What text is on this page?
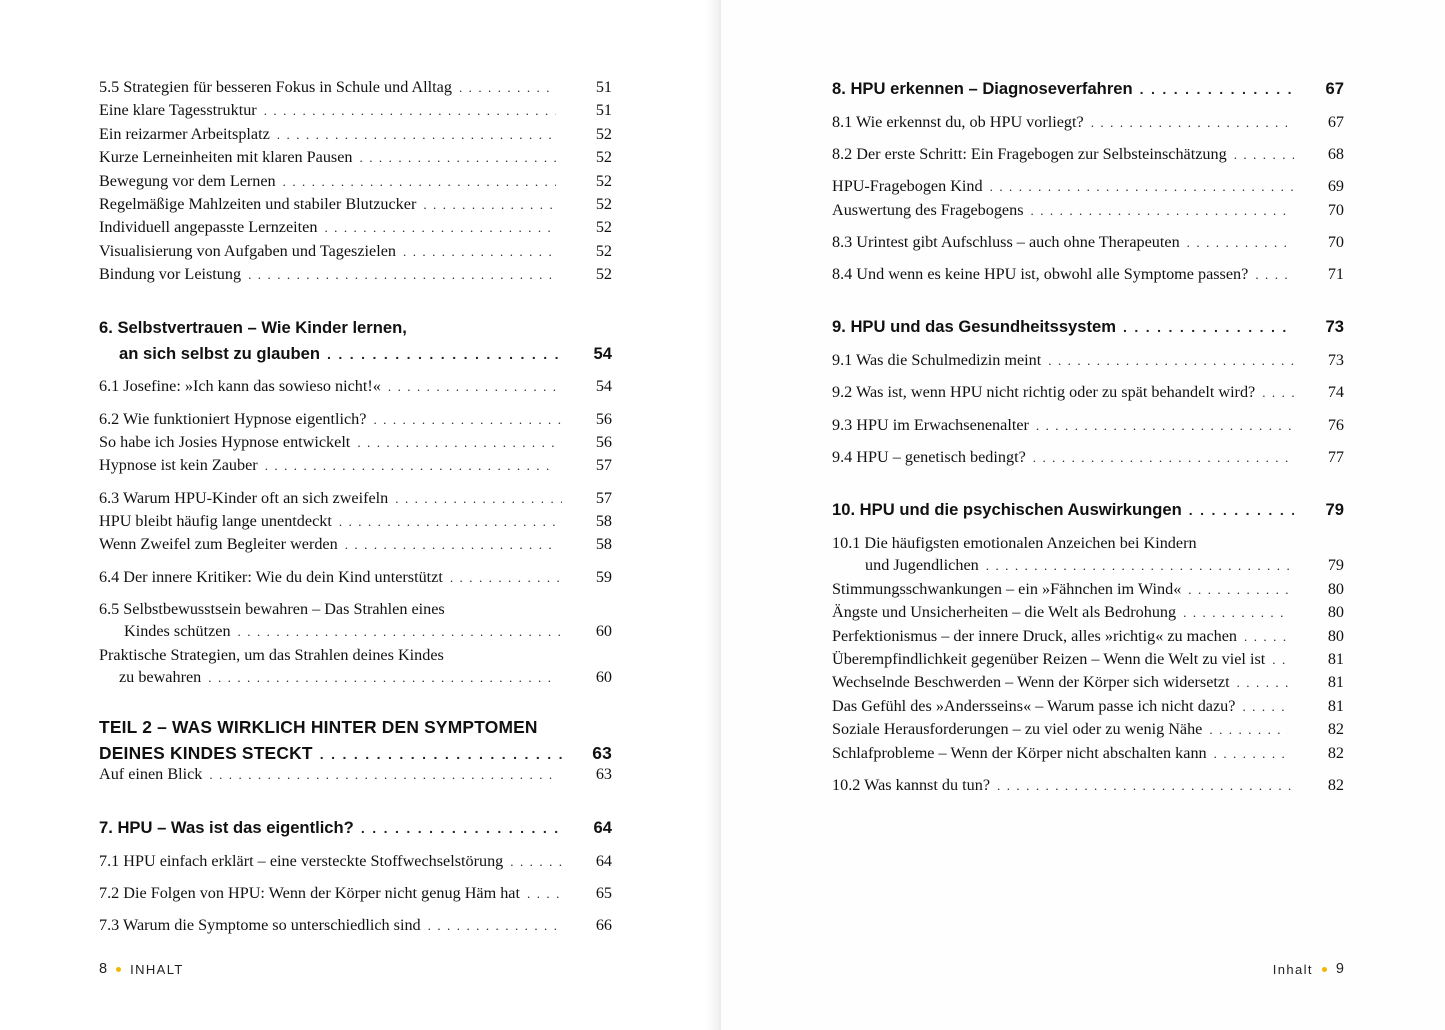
5.5 Strategien für besseren Fokus in Schule und Alltag . . .	51
Eine klare Tagesstruktur . . .	51
Ein reizarmer Arbeitsplatz . . .	52
Kurze Lerneinheiten mit klaren Pausen . . .	52
Bewegung vor dem Lernen . . .	52
Regelmäßige Mahlzeiten und stabiler Blutzucker . . .	52
Individuell angepasste Lernzeiten . . .	52
Visualisierung von Aufgaben und Tageszielen . . .	52
Bindung vor Leistung . . .	52
6. Selbstvertrauen – Wie Kinder lernen,
an sich selbst zu glauben . . .	54
6.1 Josefine: »Ich kann das sowieso nicht!« . . .	54
6.2 Wie funktioniert Hypnose eigentlich? . . .	56
So habe ich Josies Hypnose entwickelt . . .	56
Hypnose ist kein Zauber . . .	57
6.3 Warum HPU-Kinder oft an sich zweifeln . . .	57
HPU bleibt häufig lange unentdeckt . . .	58
Wenn Zweifel zum Begleiter werden . . .	58
6.4 Der innere Kritiker: Wie du dein Kind unterstützt . . .	59
6.5 Selbstbewusstsein bewahren – Das Strahlen eines
Kindes schützen . . .	60
Praktische Strategien, um das Strahlen deines Kindes
zu bewahren . . .	60
TEIL 2 – WAS WIRKLICH HINTER DEN SYMPTOMEN
DEINES KINDES STECKT . . .	63
Auf einen Blick . . .	63
7. HPU – Was ist das eigentlich? . . .	64
7.1 HPU einfach erklärt – eine versteckte Stoffwechselstörung . . .	64
7.2 Die Folgen von HPU: Wenn der Körper nicht genug Häm hat . . .	65
7.3 Warum die Symptome so unterschiedlich sind . . .	66
8 INHALT
8. HPU erkennen – Diagnoseverfahren . . .	67
8.1 Wie erkennst du, ob HPU vorliegt? . . .	67
8.2 Der erste Schritt: Ein Fragebogen zur Selbsteinschätzung . . .	68
HPU-Fragebogen Kind . . .	69
Auswertung des Fragebogens . . .	70
8.3 Urintest gibt Aufschluss – auch ohne Therapeuten . . .	70
8.4 Und wenn es keine HPU ist, obwohl alle Symptome passen? . . .	71
9. HPU und das Gesundheitssystem . . .	73
9.1 Was die Schulmedizin meint . . .	73
9.2 Was ist, wenn HPU nicht richtig oder zu spät behandelt wird? . . .	74
9.3 HPU im Erwachsenenalter . . .	76
9.4 HPU – genetisch bedingt? . . .	77
10. HPU und die psychischen Auswirkungen . . .	79
10.1 Die häufigsten emotionalen Anzeichen bei Kindern
und Jugendlichen . . .	79
Stimmungsschwankungen – ein »Fähnchen im Wind« . . .	80
Ängste und Unsicherheiten – die Welt als Bedrohung . . .	80
Perfektionismus – der innere Druck, alles »richtig« zu machen . . .	80
Überempfindlichkeit gegenüber Reizen – Wenn die Welt zu viel ist . . .	81
Wechselnde Beschwerden – Wenn der Körper sich widersetzt . . .	81
Das Gefühl des »Andersseins« – Warum passe ich nicht dazu? . . .	81
Soziale Herausforderungen – zu viel oder zu wenig Nähe . . .	82
Schlafprobleme – Wenn der Körper nicht abschalten kann . . .	82
10.2 Was kannst du tun? . . .	82
Inhalt 9
